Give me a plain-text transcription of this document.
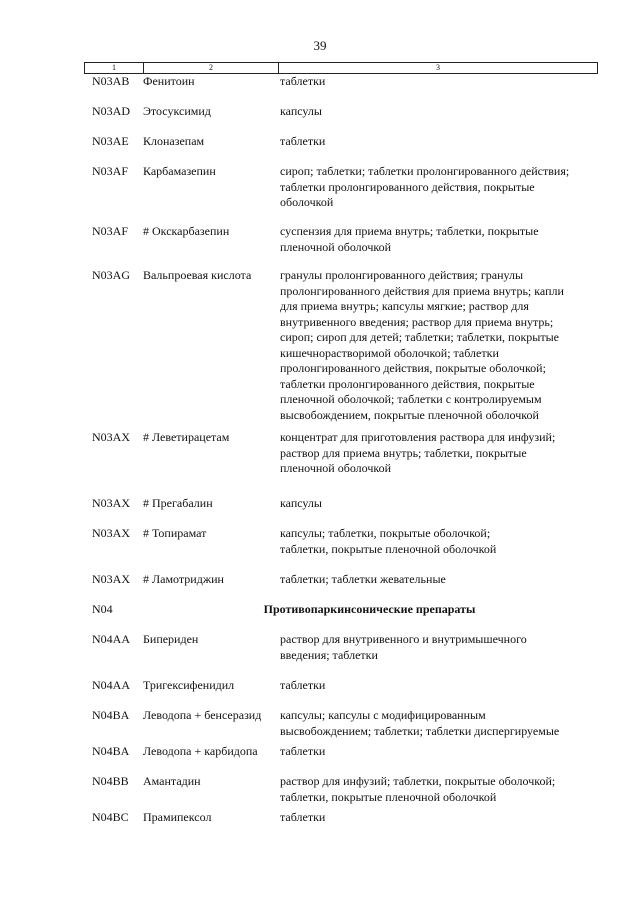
39
1	2	3
N03AB	Фенитоин	таблетки
N03AD	Этосуксимид	капсулы
N03AE	Клоназепам	таблетки
N03AF	Карбамазепин	сироп; таблетки; таблетки пролонгированного действия;
таблетки пролонгированного действия, покрытые
оболочкой
N03AF	# Окскарбазепин	суспензия для приема внутрь; таблетки, покрытые
пленочной оболочкой
N03AG	Вальпроевая кислота	гранулы пролонгированного действия; гранулы
пролонгированного действия для приема внутрь; капли
для приема внутрь; капсулы мягкие; раствор для
внутривенного введения; раствор для приема внутрь;
сироп; сироп для детей; таблетки; таблетки, покрытые
кишечнорастворимой оболочкой; таблетки
пролонгированного действия, покрытые оболочкой;
таблетки пролонгированного действия, покрытые
пленочной оболочкой; таблетки с контролируемым
высвобождением, покрытые пленочной оболочкой
N03AX	# Леветирацетам	концентрат для приготовления раствора для инфузий;
раствор для приема внутрь; таблетки, покрытые
пленочной оболочкой
N03AX	# Прегабалин	капсулы
N03AX	# Топирамат	капсулы; таблетки, покрытые оболочкой;
таблетки, покрытые пленочной оболочкой
N03AX	# Ламотриджин	таблетки; таблетки жевательные
N04	Противопаркинсонические препараты
N04AA	Бипериден	раствор для внутривенного и внутримышечного
введения; таблетки
N04AA	Тригексифенидил	таблетки
N04BA	Леводопа + бенсеразид	капсулы; капсулы с модифицированным
высвобождением; таблетки; таблетки диспергируемые
N04BA	Леводопа + карбидопа	таблетки
N04BB	Амантадин	раствор для инфузий; таблетки, покрытые оболочкой;
таблетки, покрытые пленочной оболочкой
N04BC	Прамипексол	таблетки
